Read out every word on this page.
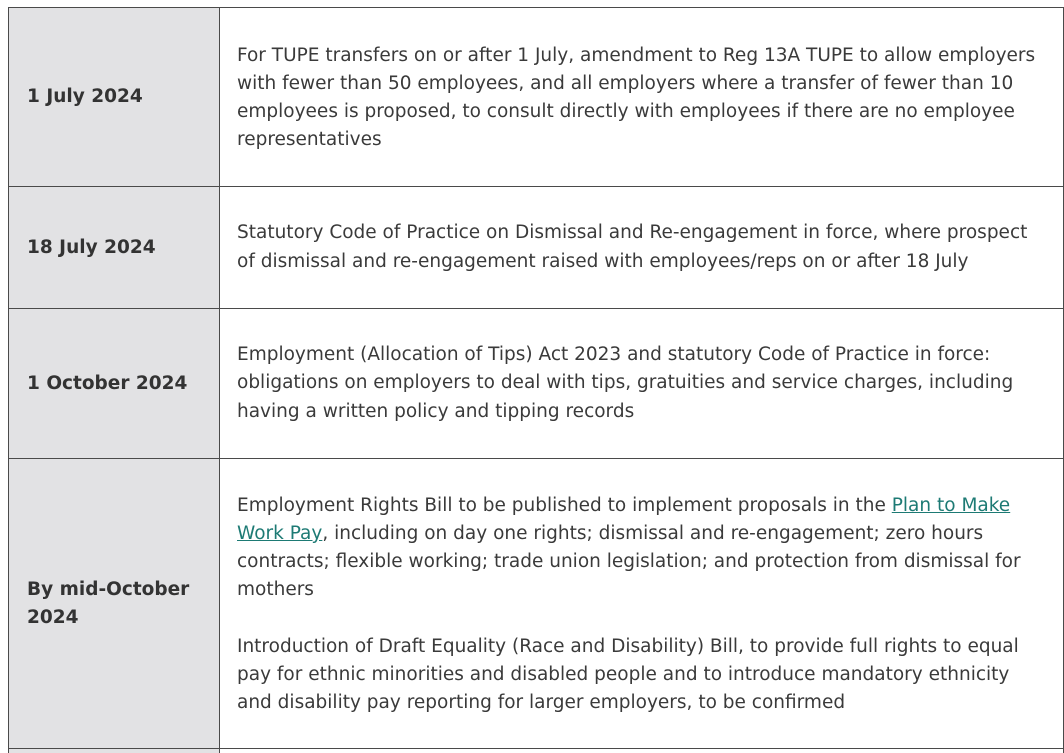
1 July 2024	For TUPE transfers on or after 1 July, amendment to Reg 13A TUPE to allow employers with fewer than 50 employees, and all employers where a transfer of fewer than 10 employees is proposed, to consult directly with employees if there are no employee representatives

18 July 2024	Statutory Code of Practice on Dismissal and Re-engagement in force, where prospect of dismissal and re-engagement raised with employees/reps on or after 18 July

1 October 2024	Employment (Allocation of Tips) Act 2023 and statutory Code of Practice in force: obligations on employers to deal with tips, gratuities and service charges, including having a written policy and tipping records

By mid-October 2024	Employment Rights Bill to be published to implement proposals in the Plan to Make Work Pay, including on day one rights; dismissal and re-engagement; zero hours contracts; flexible working; trade union legislation; and protection from dismissal for mothers

Introduction of Draft Equality (Race and Disability) Bill, to provide full rights to equal pay for ethnic minorities and disabled people and to introduce mandatory ethnicity and disability pay reporting for larger employers, to be confirmed
